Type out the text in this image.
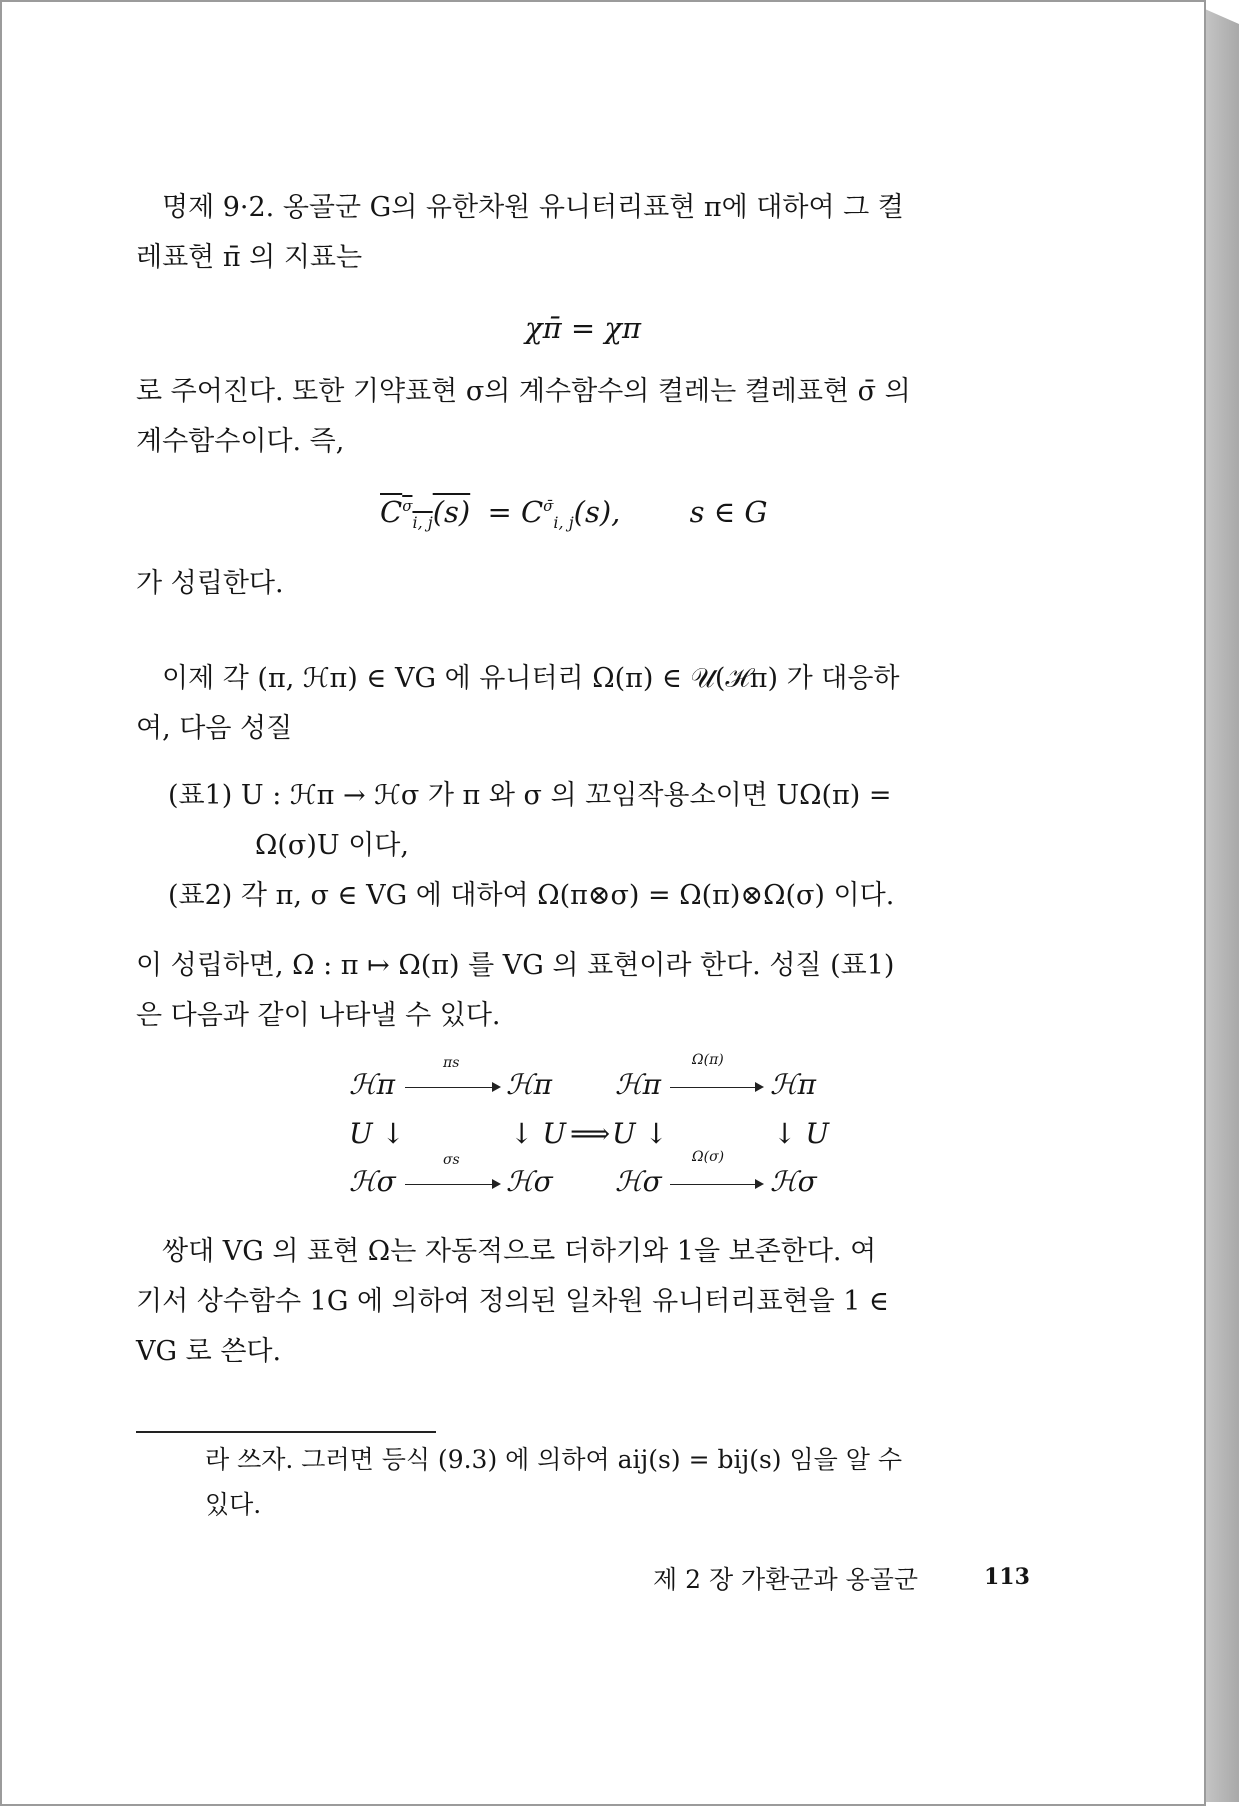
명제 9·2. 옹골군 G의 유한차원 유니터리표현 π에 대하여 그 켤
레표현 π̄ 의 지표는
χπ̄ = χπ
로 주어진다. 또한 기약표현 σ의 계수함수의 켤레는 켤레표현 σ̄ 의
계수함수이다. 즉,
$C^\sigma_{i, j}(s) = C^{\sigmā}_{i, j}(s)$, s ∈ G
가 성립한다.
이제 각 (π, ℋπ) ∈ VG 에 유니터리 Ω(π) ∈ 𝒰(ℋπ) 가 대응하
여, 다음 성질
(표1) U : ℋπ → ℋσ 가 π 와 σ 의 꼬임작용소이면 UΩ(π) =
Ω(σ)U 이다,
(표2) 각 π, σ ∈ VG 에 대하여 Ω(π⊗σ) = Ω(π)⊗Ω(σ) 이다.
이 성립하면, Ω : π ↦ Ω(π) 를 VG 의 표현이라 한다. 성질 (표1)
은 다음과 같이 나타낼 수 있다.
πs	Ω(π)
ℋπ	ℋπ ℋπ	ℋπ
U ↓	↓ U ⟹ U ↓	↓ U
σs	Ω(σ)
ℋσ	ℋσ ℋσ	ℋσ
쌍대 VG 의 표현 Ω는 자동적으로 더하기와 1을 보존한다. 여
기서 상수함수 1G 에 의하여 정의된 일차원 유니터리표현을 1 ∈
VG 로 쓴다.
라 쓰자. 그러면 등식 (9.3) 에 의하여 aij(s) = bij(s) 임을 알 수
있다.
제 2 장 가환군과 옹골군	113
